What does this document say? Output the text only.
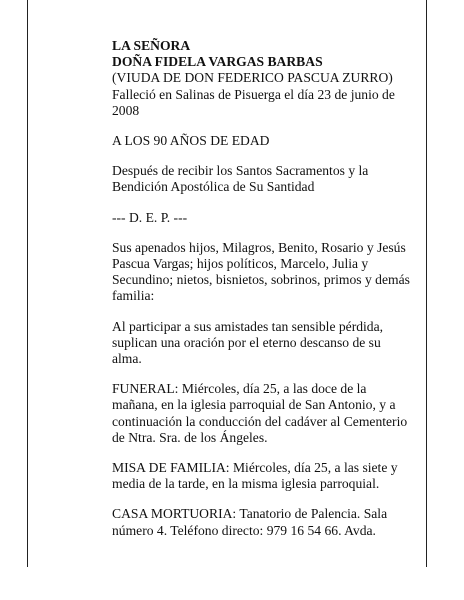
LA SEÑORA

DOÑA FIDELA VARGAS BARBAS

(VIUDA DE DON FEDERICO PASCUA ZURRO)

Falleció en Salinas de Pisuerga el día 23 de junio de 2008

A LOS 90 AÑOS DE EDAD

Después de recibir los Santos Sacramentos y la Bendición Apostólica de Su Santidad

--- D. E. P. ---

Sus apenados hijos, Milagros, Benito, Rosario y Jesús Pascua Vargas; hijos políticos, Marcelo, Julia y Secundino; nietos, bisnietos, sobrinos, primos y demás familia:

Al participar a sus amistades tan sensible pérdida, suplican una oración por el eterno descanso de su alma.

FUNERAL: Miércoles, día 25, a las doce de la mañana, en la iglesia parroquial de San Antonio, y a continuación la conducción del cadáver al Cementerio de Ntra. Sra. de los Ángeles.

MISA DE FAMILIA: Miércoles, día 25, a las siete y media de la tarde, en la misma iglesia parroquial.

CASA MORTUORIA: Tanatorio de Palencia. Sala número 4. Teléfono directo: 979 16 54 66. Avda.
